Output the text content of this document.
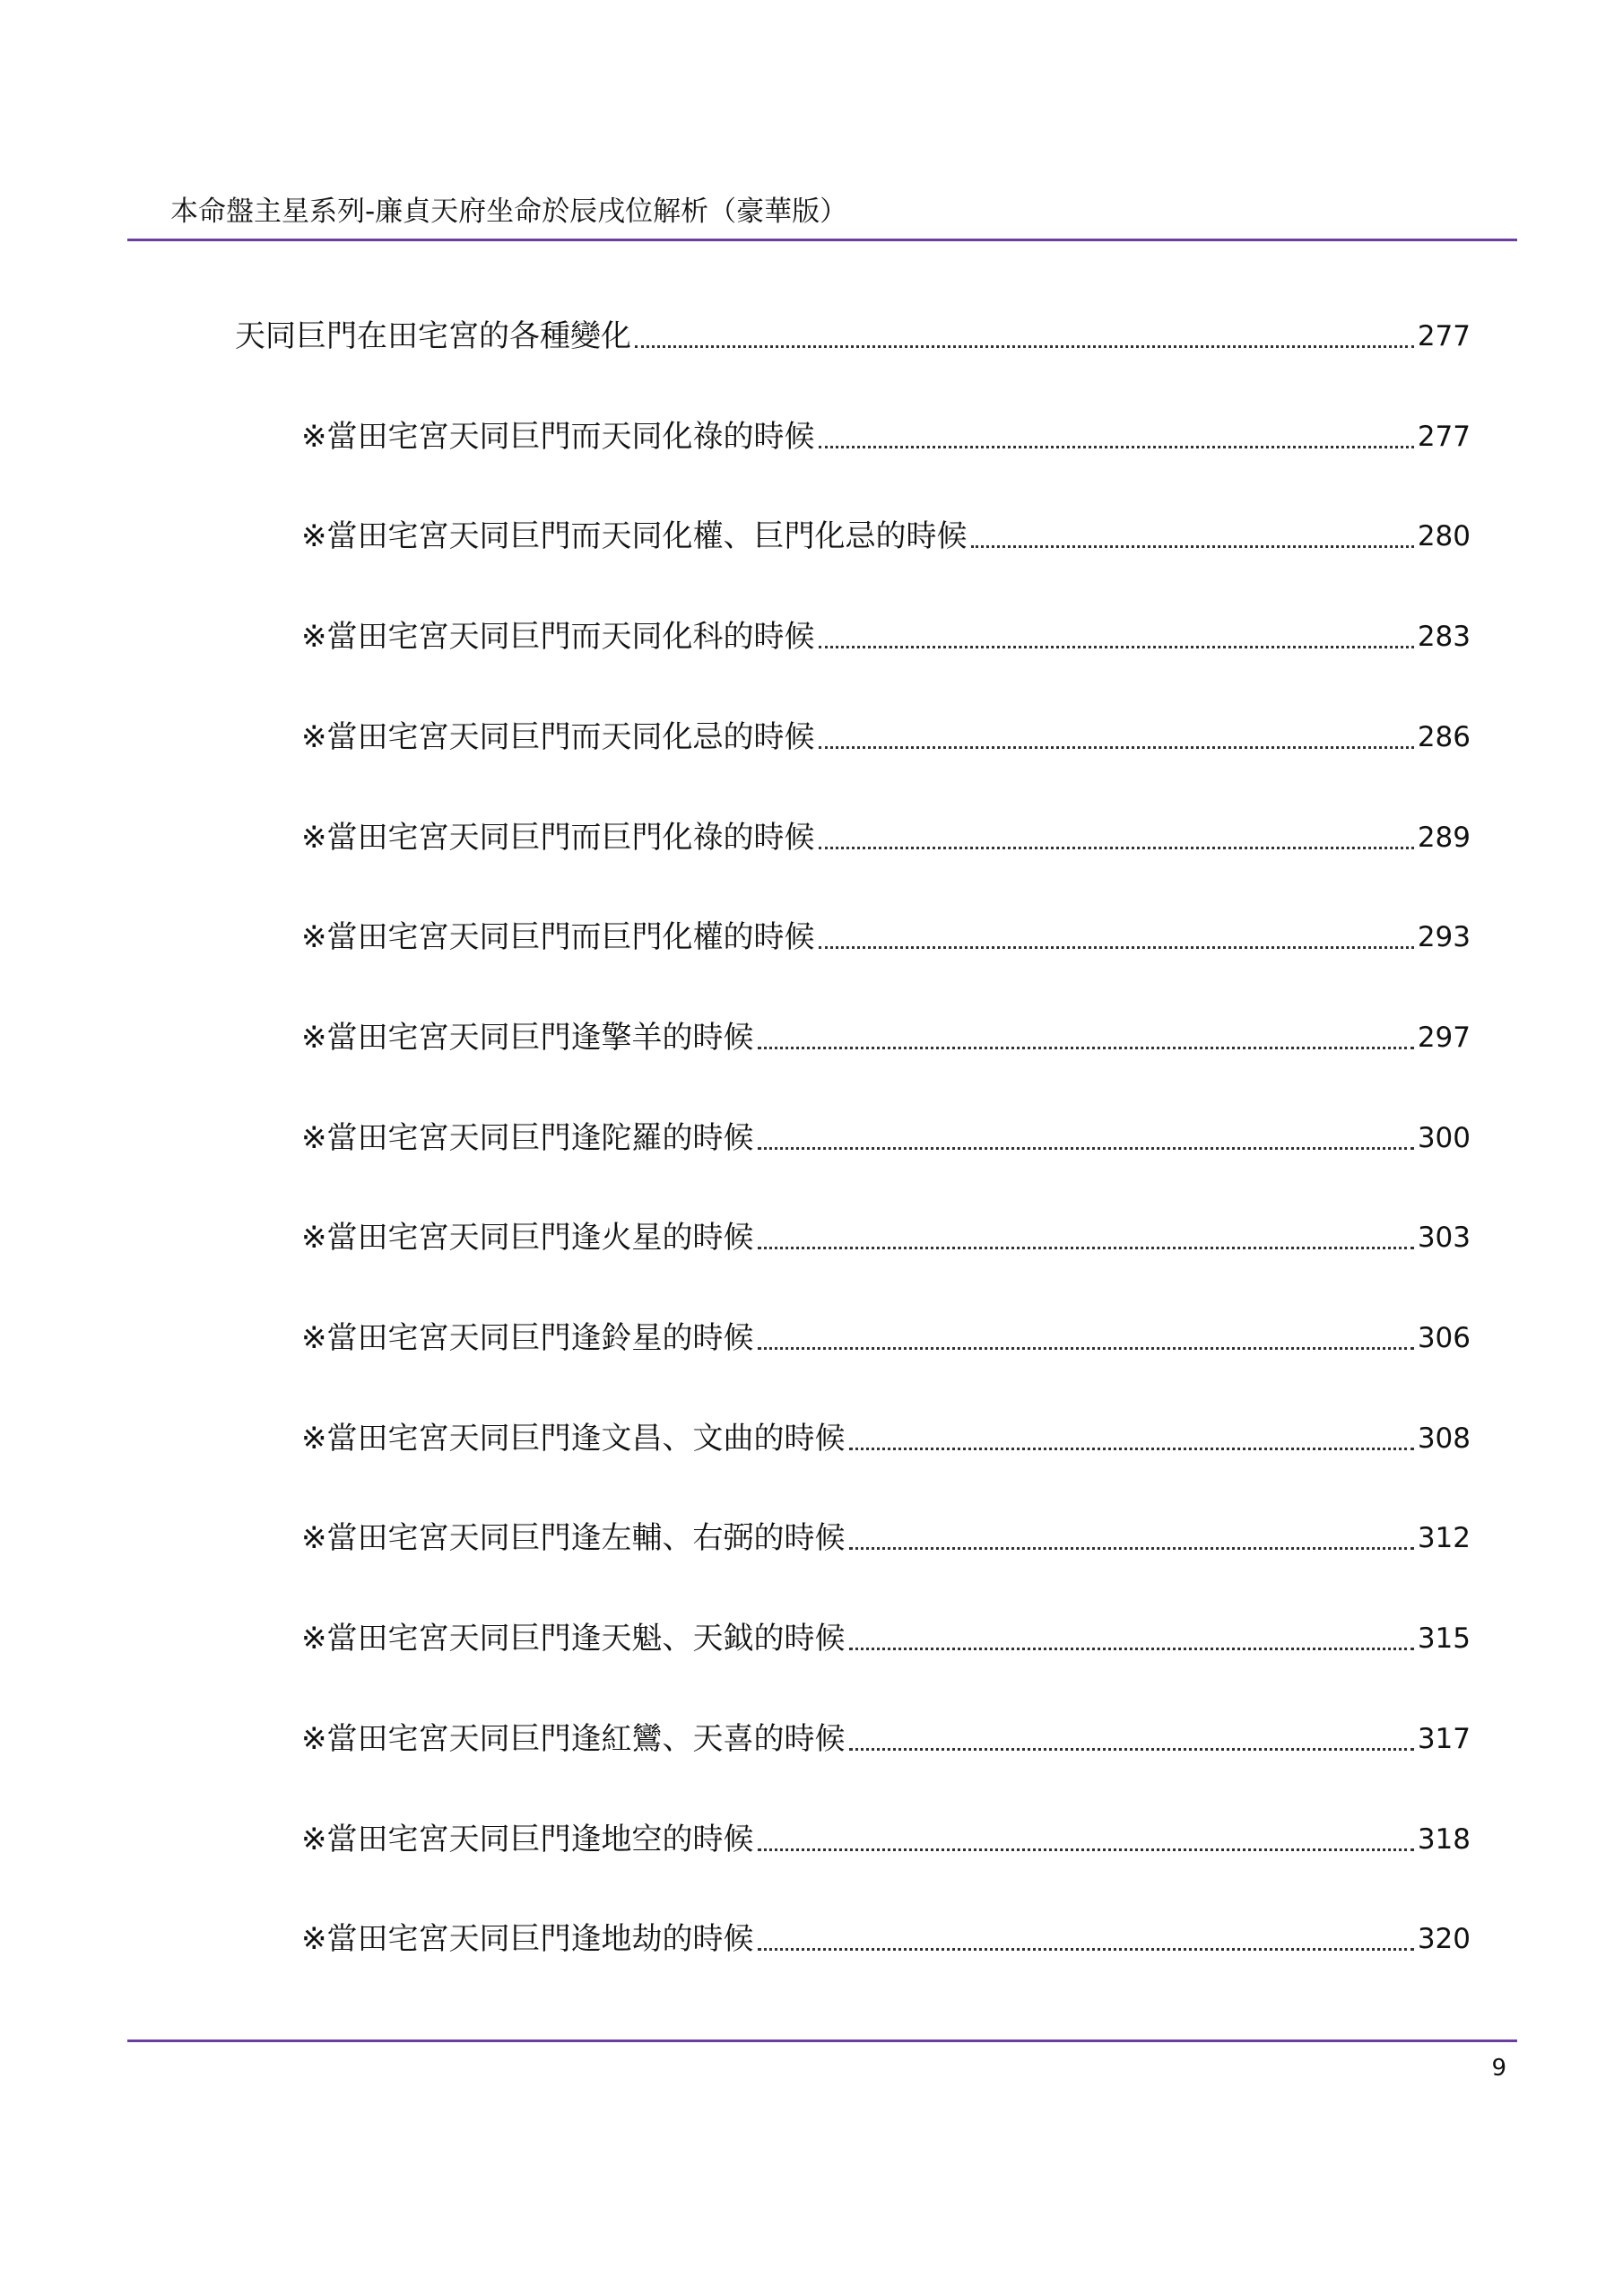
本命盤主星系列-廉貞天府坐命於辰戌位解析（豪華版）
天同巨門在田宅宮的各種變化	277
※當田宅宮天同巨門而天同化祿的時候	277
※當田宅宮天同巨門而天同化權、巨門化忌的時候	280
※當田宅宮天同巨門而天同化科的時候	283
※當田宅宮天同巨門而天同化忌的時候	286
※當田宅宮天同巨門而巨門化祿的時候	289
※當田宅宮天同巨門而巨門化權的時候	293
※當田宅宮天同巨門逢擎羊的時候	297
※當田宅宮天同巨門逢陀羅的時候	300
※當田宅宮天同巨門逢火星的時候	303
※當田宅宮天同巨門逢鈴星的時候	306
※當田宅宮天同巨門逢文昌、文曲的時候	308
※當田宅宮天同巨門逢左輔、右弼的時候	312
※當田宅宮天同巨門逢天魁、天鉞的時候	315
※當田宅宮天同巨門逢紅鸞、天喜的時候	317
※當田宅宮天同巨門逢地空的時候	318
※當田宅宮天同巨門逢地劫的時候	320
9
